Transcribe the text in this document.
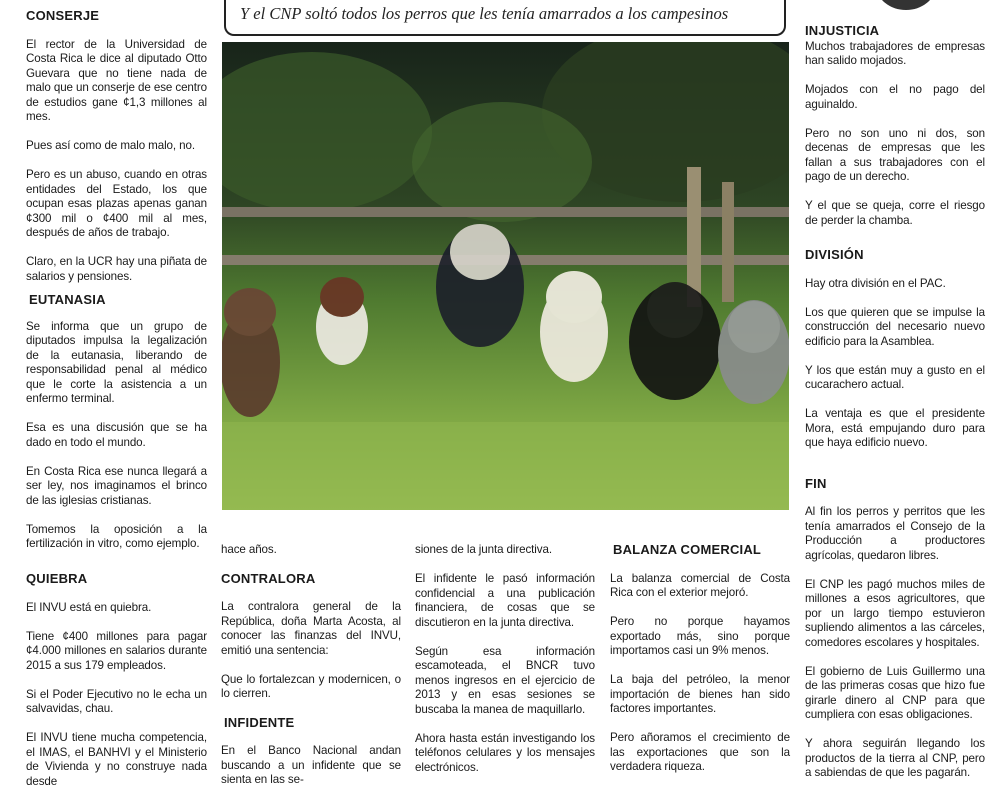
CONSERJE

El rector de la Universidad de Costa Rica le dice al diputado Otto Guevara que no tiene nada de malo que un conserje de ese centro de estudios gane ¢1,3 millones al mes.

Pues así como de malo malo, no.

Pero es un abuso, cuando en otras entidades del Estado, los que ocupan esas plazas apenas ganan ¢300 mil o ¢400 mil al mes, después de años de trabajo.

Claro, en la UCR hay una piñata de salarios y pensiones.

EUTANASIA

Se informa que un grupo de diputados impulsa la legalización de la eutanasia, liberando de responsabilidad penal al médico que le corte la asistencia a un enfermo terminal.

Esa es una discusión que se ha dado en todo el mundo.

En Costa Rica ese nunca llegará a ser ley, nos imaginamos el brinco de las iglesias cristianas.

Tomemos la oposición a la fertilización in vitro, como ejemplo.

QUIEBRA

El INVU está en quiebra.

Tiene ¢400 millones para pagar ¢4.000 millones en salarios durante 2015 a sus 179 empleados.

Si el Poder Ejecutivo no le echa un salvavidas, chau.

El INVU tiene mucha competencia, el IMAS, el BANHVI y el Ministerio de Vivienda y no construye nada desde

Y el CNP soltó todos los perros que les tenía amarrados a los campesinos

hace años.

CONTRALORA

La contralora general de la República, doña Marta Acosta, al conocer las finanzas del INVU, emitió una sentencia:

Que lo fortalezcan y modernicen, o lo cierren.

INFIDENTE

En el Banco Nacional andan buscando a un infidente que se sienta en las se-

siones de la junta directiva.

El infidente le pasó información confidencial a una publicación financiera, de cosas que se discutieron en la junta directiva.

Según esa información escamoteada, el BNCR tuvo menos ingresos en el ejercicio de 2013 y en esas sesiones se buscaba la manea de maquillarlo.

Ahora hasta están investigando los teléfonos celulares y los mensajes electrónicos.

BALANZA COMERCIAL

La balanza comercial de Costa Rica con el exterior mejoró.

Pero no porque hayamos exportado más, sino porque importamos casi un 9% menos.

La baja del petróleo, la menor importación de bienes han sido factores importantes.

Pero añoramos el crecimiento de las exportaciones que son la verdadera riqueza.

INJUSTICIA

Muchos trabajadores de empresas han salido mojados.

Mojados con el no pago del aguinaldo.

Pero no son uno ni dos, son decenas de empresas que les fallan a sus trabajadores con el pago de un derecho.

Y el que se queja, corre el riesgo de perder la chamba.

DIVISIÓN

Hay otra división en el PAC.

Los que quieren que se impulse la construcción del necesario nuevo edificio para la Asamblea.

Y los que están muy a gusto en el cucarachero actual.

La ventaja es que el presidente Mora, está empujando duro para que haya edificio nuevo.

FIN

Al fin los perros y perritos que les tenía amarrados el Consejo de la Producción a productores agrícolas, quedaron libres.

El CNP les pagó muchos miles de millones a esos agricultores, que por un largo tiempo estuvieron supliendo alimentos a las cárceles, comedores escolares y hospitales.

El gobierno de Luis Guillermo una de las primeras cosas que hizo fue girarle dinero al CNP para que cumpliera con esas obligaciones.

Y ahora seguirán llegando los productos de la tierra al CNP, pero a sabiendas de que les pagarán.
